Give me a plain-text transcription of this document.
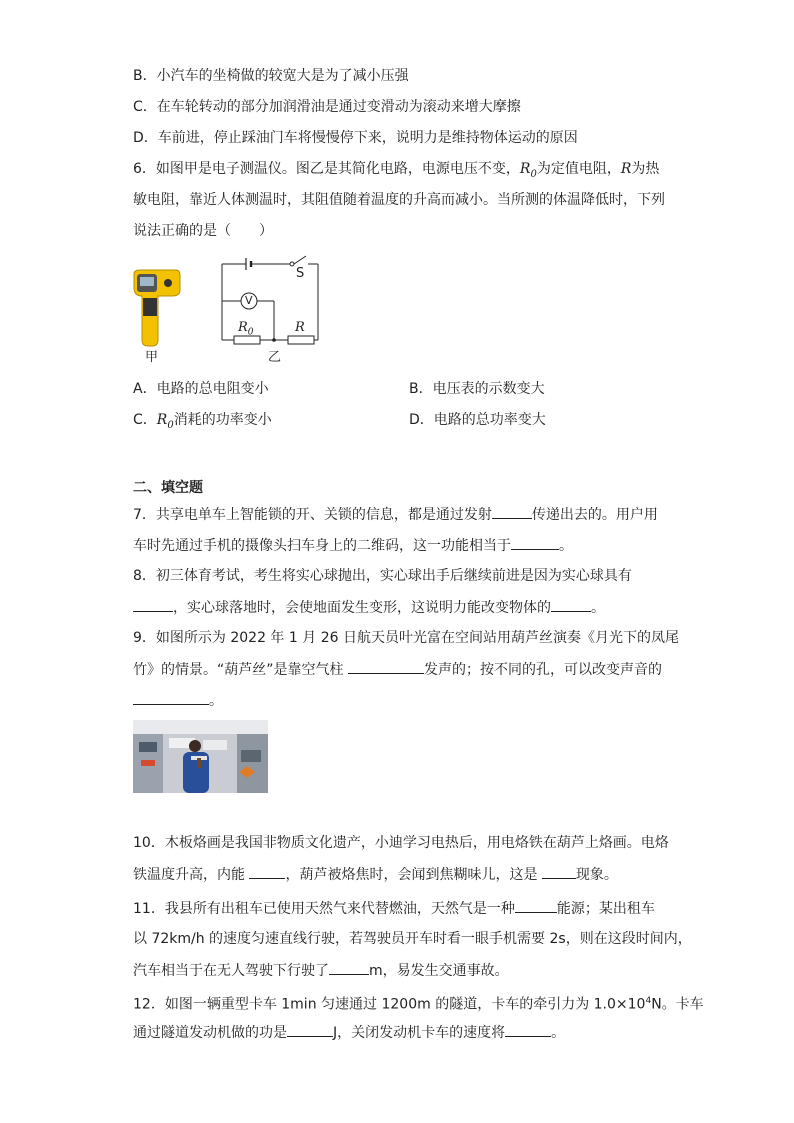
B．小汽车的坐椅做的较宽大是为了减小压强
C．在车轮转动的部分加润滑油是通过变滑动为滚动来增大摩擦
D．车前进，停止踩油门车将慢慢停下来，说明力是维持物体运动的原因
6．如图甲是电子测温仪。图乙是其简化电路，电源电压不变，$R_0$为定值电阻，R为热
敏电阻，靠近人体测温时，其阻值随着温度的升高而减小。当所测的体温降低时，下列
说法正确的是（　　）
甲
S
V
$R_0$	R
乙
A．电路的总电阻变小	B．电压表的示数变大
C．$R_0$消耗的功率变小	D．电路的总功率变大
二、填空题
7．共享电单车上智能锁的开、关锁的信息，都是通过发射	传递出去的。用户用
车时先通过手机的摄像头扫车身上的二维码，这一功能相当于	。
8．初三体育考试，考生将实心球抛出，实心球出手后继续前进是因为实心球具有
，实心球落地时，会使地面发生变形，这说明力能改变物体的	。
9．如图所示为 2022 年 1 月 26 日航天员叶光富在空间站用葫芦丝演奏《月光下的凤尾
竹》的情景。“葫芦丝”是靠空气柱	发声的；按不同的孔，可以改变声音的
。
10．木板烙画是我国非物质文化遗产，小迪学习电热后，用电烙铁在葫芦上烙画。电烙
铁温度升高，内能	，葫芦被烙焦时，会闻到焦糊味儿，这是 现象。
11．我县所有出租车已使用天然气来代替燃油，天然气是一种	能源；某出租车
以 72km/h 的速度匀速直线行驶，若驾驶员开车时看一眼手机需要 2s，则在这段时间内，
汽车相当于在无人驾驶下行驶了	m，易发生交通事故。
12．如图一辆重型卡车 1min 匀速通过 1200m 的隧道，卡车的牵引力为 $1.0\times 10^4N$。卡车
通过隧道发动机做的功是	J，关闭发动机卡车的速度将	。
